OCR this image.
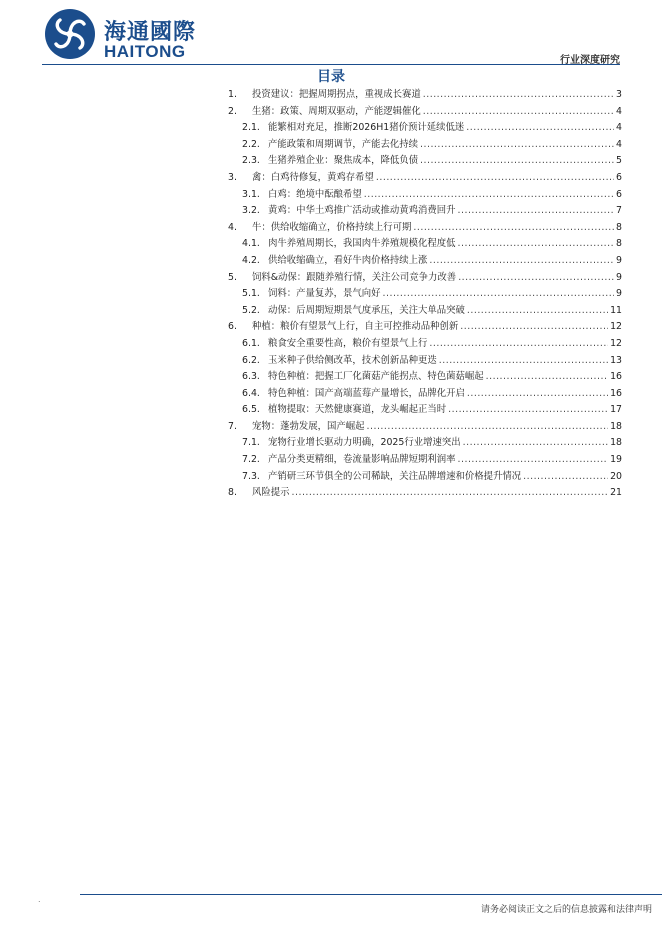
海通國際
HAITONG	行业深度研究
目录
1.	投资建议：把握周期拐点，重视成长赛道 .....	3
2.	生猪：政策、周期双驱动，产能逻辑催化 .....	4
2.1. 能繁相对充足，推断2026H1猪价预计延续低迷 .....	4
2.2. 产能政策和周期调节，产能去化持续 .....	4
2.3. 生猪养殖企业：聚焦成本，降低负债 .....	5
3.	禽：白鸡待修复，黄鸡存希望 .....	6
3.1. 白鸡：绝境中酝酿希望 .....	6
3.2. 黄鸡：中华土鸡推广活动或推动黄鸡消费回升 .....	7
4.	牛：供给收缩确立，价格持续上行可期 .....	8
4.1. 肉牛养殖周期长，我国肉牛养殖规模化程度低 .....	8
4.2. 供给收缩确立，看好牛肉价格持续上涨 .....	9
5.	饲料&动保：跟随养殖行情，关注公司竞争力改善 .....	9
5.1. 饲料：产量复苏，景气向好 .....	9
5.2. 动保：后周期短期景气度承压，关注大单品突破 .....	11
6.	种植：粮价有望景气上行，自主可控推动品种创新 .....	12
6.1. 粮食安全重要性高，粮价有望景气上行 .....	12
6.2. 玉米种子供给侧改革，技术创新品种更迭 .....	13
6.3. 特色种植：把握工厂化菌菇产能拐点、特色菌菇崛起 .....	16
6.4. 特色种植：国产高端蓝莓产量增长，品牌化开启 .....	16
6.5. 植物提取：天然健康赛道，龙头崛起正当时 .....	17
7.	宠物：蓬勃发展，国产崛起 .....	18
7.1. 宠物行业增长驱动力明确，2025行业增速突出 .....	18
7.2. 产品分类更精细，卷流量影响品牌短期利润率 .....	19
7.3. 产销研三环节俱全的公司稀缺，关注品牌增速和价格提升情况 .....	20
8.	风险提示 .....	21
.
请务必阅读正文之后的信息披露和法律声明
